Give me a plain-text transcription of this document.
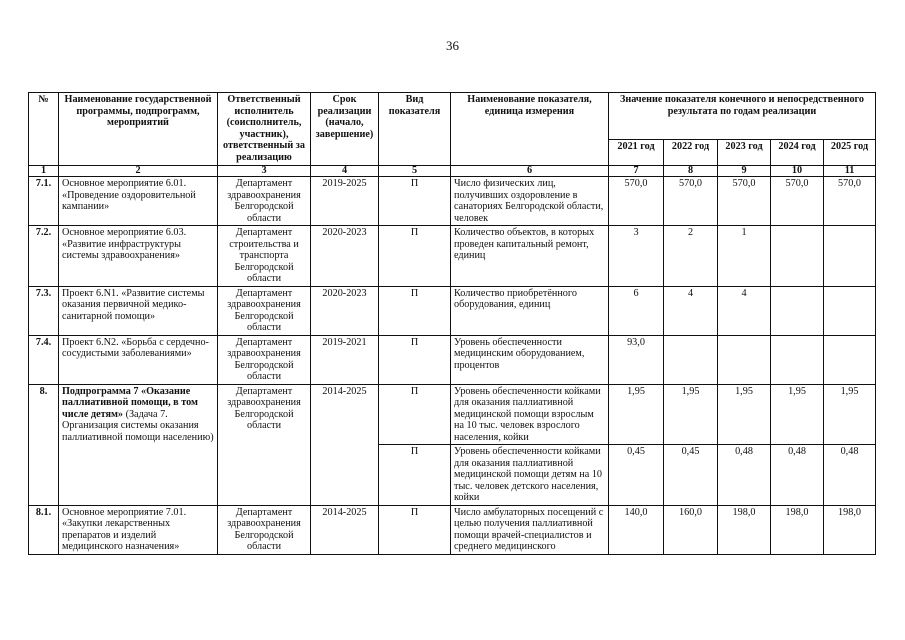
36
№	Наименование государственной программы, подпрограмм, мероприятий	Ответственный исполнитель (соисполнитель, участник), ответственный за реализацию	Срок реализации (начало, завершение)	Вид показателя	Наименование показателя, единица измерения	Значение показателя конечного и непосредственного результата по годам реализации				
						2021 год	2022 год	2023 год	2024 год	2025 год
1	2	3	4	5	6	7	8	9	10	11
7.1.	Основное мероприятие 6.01. «Проведение оздоровительной кампании»	Департамент здравоохранения Белгородской области	2019-2025	П	Число физических лиц, получивших оздоровление в санаториях Белгородской области, человек	570,0	570,0	570,0	570,0	570,0
7.2.	Основное мероприятие 6.03. «Развитие инфраструктуры системы здравоохранения»	Департамент строительства и транспорта Белгородской области	2020-2023	П	Количество объектов, в которых проведен капитальный ремонт, единиц	3	2	1		
7.3.	Проект 6.N1. «Развитие системы оказания первичной медико-санитарной помощи»	Департамент здравоохранения Белгородской области	2020-2023	П	Количество приобретённого оборудования, единиц	6	4	4		
7.4.	Проект 6.N2. «Борьба с сердечно-сосудистыми заболеваниями»	Департамент здравоохранения Белгородской области	2019-2021	П	Уровень обеспеченности медицинским оборудованием, процентов	93,0				
8.	Подпрограмма 7 «Оказание паллиативной помощи, в том числе детям» (Задача 7. Организация системы оказания паллиативной помощи населению)	Департамент здравоохранения Белгородской области	2014-2025	П	Уровень обеспеченности койками для оказания паллиативной медицинской помощи взрослым на 10 тыс. человек взрослого населения, койки	1,95	1,95	1,95	1,95	1,95
				П	Уровень обеспеченности койками для оказания паллиативной медицинской помощи детям на 10 тыс. человек детского населения, койки	0,45	0,45	0,48	0,48	0,48
8.1.	Основное мероприятие 7.01. «Закупки лекарственных препаратов и изделий медицинского назначения»	Департамент здравоохранения Белгородской области	2014-2025	П	Число амбулаторных посещений с целью получения паллиативной помощи врачей-специалистов и среднего медицинского	140,0	160,0	198,0	198,0	198,0
